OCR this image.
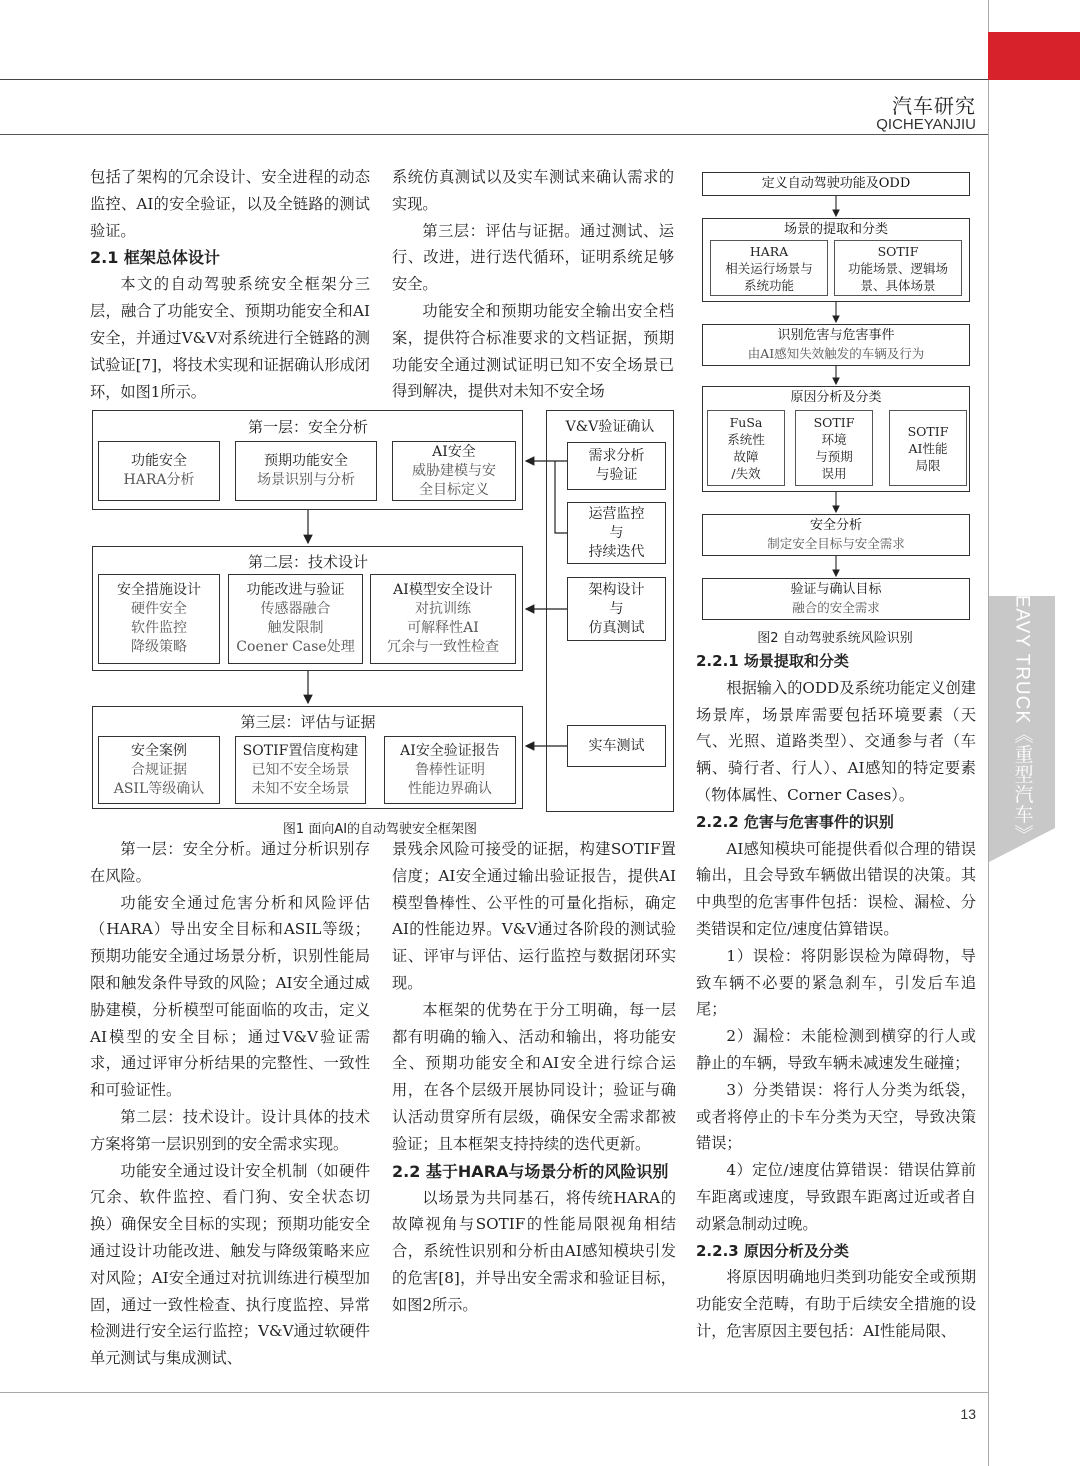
汽车研究
QICHEYANJIU
HEAVY TRUCK《重型汽车》

包括了架构的冗余设计、安全进程的动态监控、AI的安全验证，以及全链路的测试验证。

2.1 框架总体设计

本文的自动驾驶系统安全框架分三层，融合了功能安全、预期功能安全和AI安全，并通过V&V对系统进行全链路的测试验证[7]，将技术实现和证据确认形成闭环，如图1所示。

系统仿真测试以及实车测试来确认需求的实现。

第三层：评估与证据。通过测试、运行、改进，进行迭代循环，证明系统足够安全。

功能安全和预期功能安全输出安全档案，提供符合标准要求的文档证据，预期功能安全通过测试证明已知不安全场景已得到解决，提供对未知不安全场

第一层：安全分析
功能安全
HARA分析
预期功能安全
场景识别与分析
AI安全
威胁建模与安
全目标定义
第二层：技术设计
安全措施设计
硬件安全
软件监控
降级策略
功能改进与验证
传感器融合
触发限制
Coener Case处理
AI模型安全设计
对抗训练
可解释性AI
冗余与一致性检查
第三层：评估与证据
安全案例
合规证据
ASIL等级确认
SOTIF置信度构建
已知不安全场景
未知不安全场景
AI安全验证报告
鲁棒性证明
性能边界确认
V&V验证确认
需求分析
与验证
运营监控
与
持续迭代
架构设计
与
仿真测试
实车测试
图1 面向AI的自动驾驶安全框架图
定义自动驾驶功能及ODD
场景的提取和分类
HARA
相关运行场景与
系统功能
SOTIF
功能场景、逻辑场
景、具体场景
识别危害与危害事件
由AI感知失效触发的车辆及行为
原因分析及分类
FuSa
系统性
故障
/失效
SOTIF
环境
与预期
误用
SOTIF
AI性能
局限
安全分析
制定安全目标与安全需求
验证与确认目标
融合的安全需求
图2 自动驾驶系统风险识别

第一层：安全分析。通过分析识别存在风险。

功能安全通过危害分析和风险评估（HARA）导出安全目标和ASIL等级；预期功能安全通过场景分析，识别性能局限和触发条件导致的风险；AI安全通过威胁建模，分析模型可能面临的攻击，定义AI模型的安全目标；通过V&V验证需求，通过评审分析结果的完整性、一致性和可验证性。

第二层：技术设计。设计具体的技术方案将第一层识别到的安全需求实现。

功能安全通过设计安全机制（如硬件冗余、软件监控、看门狗、安全状态切换）确保安全目标的实现；预期功能安全通过设计功能改进、触发与降级策略来应对风险；AI安全通过对抗训练进行模型加固，通过一致性检查、执行度监控、异常检测进行安全运行监控；V&V通过软硬件单元测试与集成测试、

景残余风险可接受的证据，构建SOTIF置信度；AI安全通过输出验证报告，提供AI模型鲁棒性、公平性的可量化指标，确定AI的性能边界。V&V通过各阶段的测试验证、评审与评估、运行监控与数据闭环实现。

本框架的优势在于分工明确，每一层都有明确的输入、活动和输出，将功能安全、预期功能安全和AI安全进行综合运用，在各个层级开展协同设计；验证与确认活动贯穿所有层级，确保安全需求都被验证；且本框架支持持续的迭代更新。

2.2 基于HARA与场景分析的风险识别

以场景为共同基石，将传统HARA的故障视角与SOTIF的性能局限视角相结合，系统性识别和分析由AI感知模块引发的危害[8]，并导出安全需求和验证目标，如图2所示。

2.2.1 场景提取和分类

根据输入的ODD及系统功能定义创建场景库，场景库需要包括环境要素（天气、光照、道路类型）、交通参与者（车辆、骑行者、行人）、AI感知的特定要素（物体属性、Corner Cases）。

2.2.2 危害与危害事件的识别

AI感知模块可能提供看似合理的错误输出，且会导致车辆做出错误的决策。其中典型的危害事件包括：误检、漏检、分类错误和定位/速度估算错误。

1）误检：将阴影误检为障碍物，导致车辆不必要的紧急刹车，引发后车追尾；

2）漏检：未能检测到横穿的行人或静止的车辆，导致车辆未减速发生碰撞；

3）分类错误：将行人分类为纸袋，或者将停止的卡车分类为天空，导致决策错误；

4）定位/速度估算错误：错误估算前车距离或速度，导致跟车距离过近或者自动紧急制动过晚。

2.2.3 原因分析及分类

将原因明确地归类到功能安全或预期功能安全范畴，有助于后续安全措施的设计，危害原因主要包括：AI性能局限、

13
